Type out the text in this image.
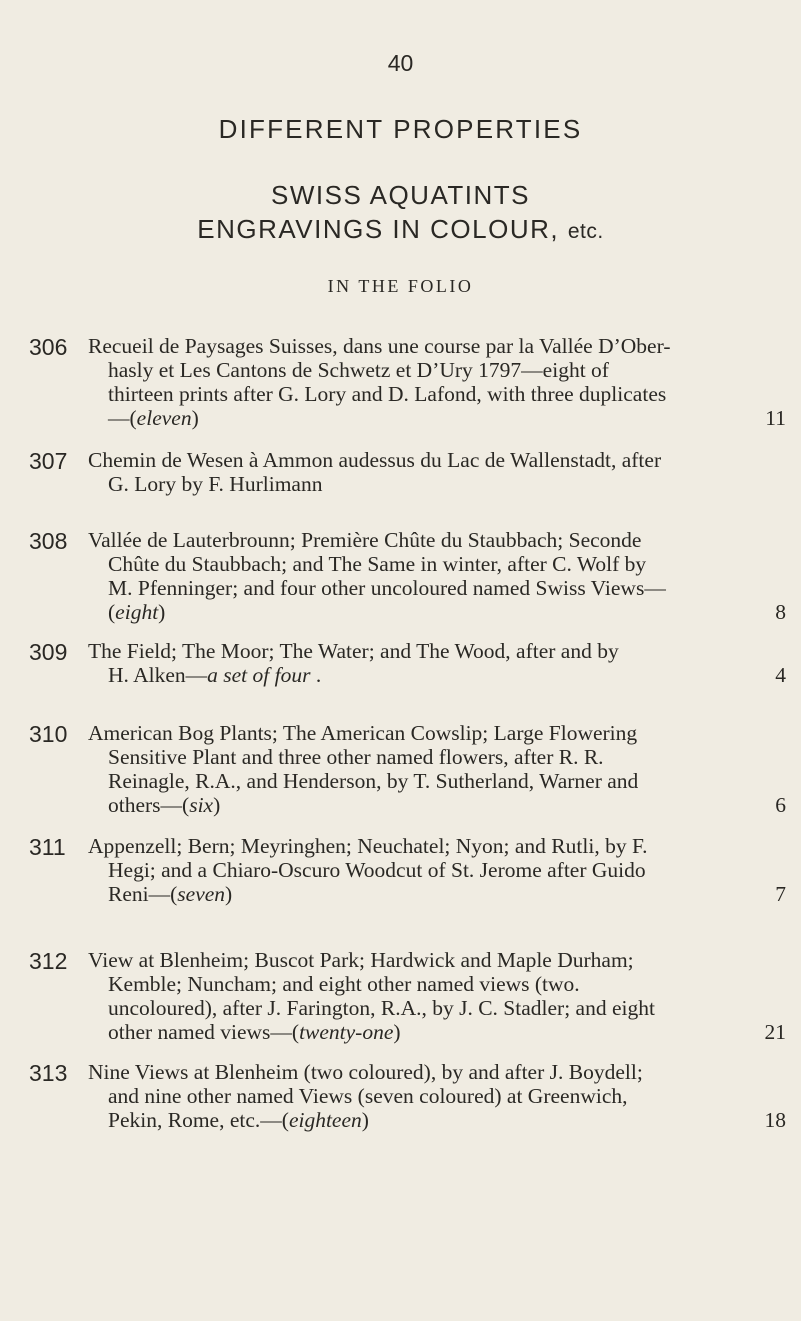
40
DIFFERENT PROPERTIES
SWISS AQUATINTS
ENGRAVINGS IN COLOUR, etc.
IN THE FOLIO
306 Recueil de Paysages Suisses, dans une course par la Vallée D’Ober-
hasly et Les Cantons de Schwetz et D’Ury 1797—eight of
thirteen prints after G. Lory and D. Lafond, with three duplicates
—(eleven)	11
307 Chemin de Wesen à Ammon audessus du Lac de Wallenstadt, after
G. Lory by F. Hurlimann
308 Vallée de Lauterbrounn; Première Chûte du Staubbach; Seconde
Chûte du Staubbach; and The Same in winter, after C. Wolf by
M. Pfenninger; and four other uncoloured named Swiss Views—
(eight)	8
309 The Field; The Moor; The Water; and The Wood, after and by
H. Alken—a set of four .	4
310 American Bog Plants; The American Cowslip; Large Flowering
Sensitive Plant and three other named flowers, after R. R.
Reinagle, R.A., and Henderson, by T. Sutherland, Warner and
others—(six)	6
311 Appenzell; Bern; Meyringhen; Neuchatel; Nyon; and Rutli, by F.
Hegi; and a Chiaro-Oscuro Woodcut of St. Jerome after Guido
Reni—(seven)	7
312 View at Blenheim; Buscot Park; Hardwick and Maple Durham;
Kemble; Nuncham; and eight other named views (two.
uncoloured), after J. Farington, R.A., by J. C. Stadler; and eight
other named views—(twenty-one)	21
313 Nine Views at Blenheim (two coloured), by and after J. Boydell;
and nine other named Views (seven coloured) at Greenwich,
Pekin, Rome, etc.—(eighteen)	18
